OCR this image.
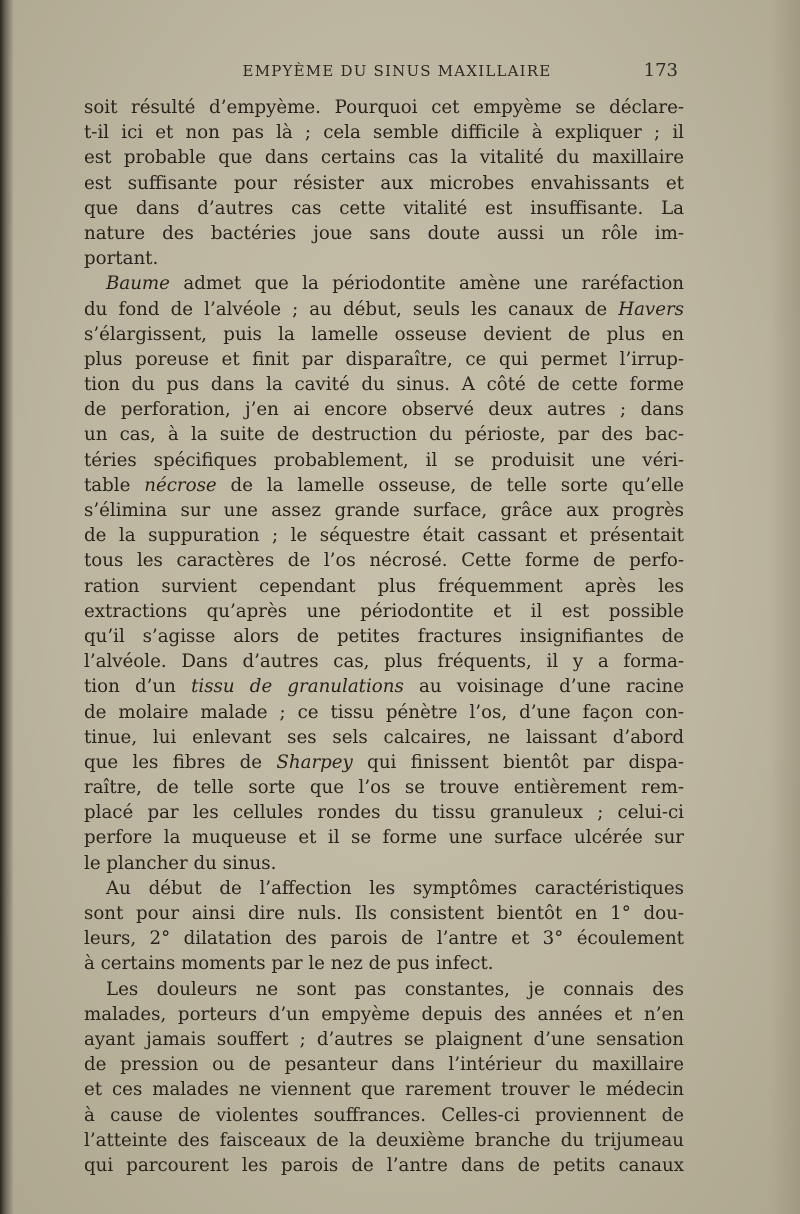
EMPYÈME DU SINUS MAXILLAIRE	173
soit résulté d’empyème. Pourquoi cet empyème se déclare-
t-il ici et non pas là ; cela semble difficile à expliquer ; il
est probable que dans certains cas la vitalité du maxillaire
est suffisante pour résister aux microbes envahissants et
que dans d’autres cas cette vitalité est insuffisante. La
nature des bactéries joue sans doute aussi un rôle im-
portant.
Baume admet que la périodontite amène une raréfaction
du fond de l’alvéole ; au début, seuls les canaux de Havers
s’élargissent, puis la lamelle osseuse devient de plus en
plus poreuse et finit par disparaître, ce qui permet l’irrup-
tion du pus dans la cavité du sinus. A côté de cette forme
de perforation, j’en ai encore observé deux autres ; dans
un cas, à la suite de destruction du périoste, par des bac-
téries spécifiques probablement, il se produisit une véri-
table nécrose de la lamelle osseuse, de telle sorte qu’elle
s’élimina sur une assez grande surface, grâce aux progrès
de la suppuration ; le séquestre était cassant et présentait
tous les caractères de l’os nécrosé. Cette forme de perfo-
ration survient cependant plus fréquemment après les
extractions qu’après une périodontite et il est possible
qu’il s’agisse alors de petites fractures insignifiantes de
l’alvéole. Dans d’autres cas, plus fréquents, il y a forma-
tion d’un tissu de granulations au voisinage d’une racine
de molaire malade ; ce tissu pénètre l’os, d’une façon con-
tinue, lui enlevant ses sels calcaires, ne laissant d’abord
que les fibres de Sharpey qui finissent bientôt par dispa-
raître, de telle sorte que l’os se trouve entièrement rem-
placé par les cellules rondes du tissu granuleux ; celui-ci
perfore la muqueuse et il se forme une surface ulcérée sur
le plancher du sinus.
Au début de l’affection les symptômes caractéristiques
sont pour ainsi dire nuls. Ils consistent bientôt en 1° dou-
leurs, 2° dilatation des parois de l’antre et 3° écoulement
à certains moments par le nez de pus infect.
Les douleurs ne sont pas constantes, je connais des
malades, porteurs d’un empyème depuis des années et n’en
ayant jamais souffert ; d’autres se plaignent d’une sensation
de pression ou de pesanteur dans l’intérieur du maxillaire
et ces malades ne viennent que rarement trouver le médecin
à cause de violentes souffrances. Celles-ci proviennent de
l’atteinte des faisceaux de la deuxième branche du trijumeau
qui parcourent les parois de l’antre dans de petits canaux
